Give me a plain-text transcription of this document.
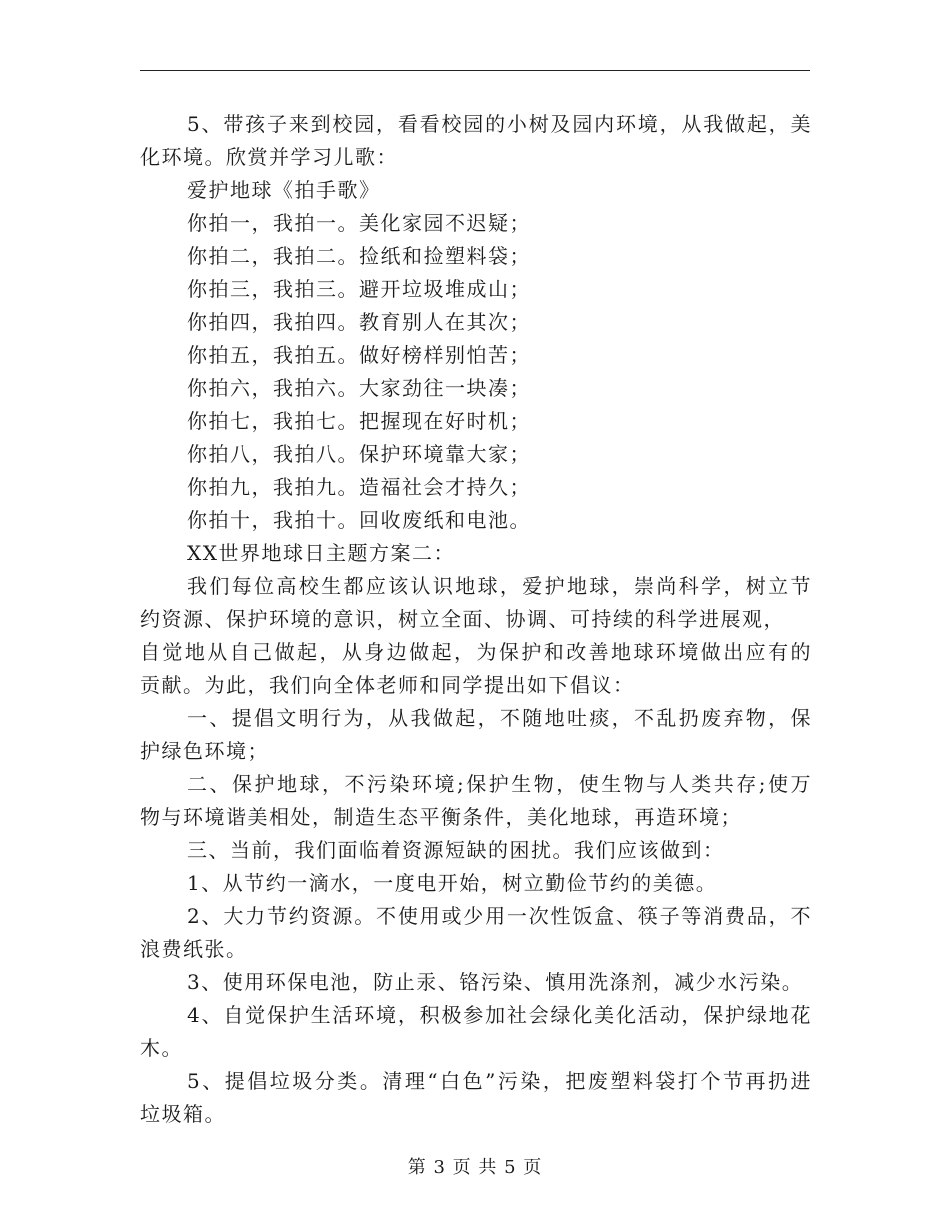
5、带孩子来到校园，看看校园的小树及园内环境，从我做起，美
化环境。欣赏并学习儿歌：
爱护地球《拍手歌》
你拍一，我拍一。美化家园不迟疑；
你拍二，我拍二。捡纸和捡塑料袋；
你拍三，我拍三。避开垃圾堆成山；
你拍四，我拍四。教育别人在其次；
你拍五，我拍五。做好榜样别怕苦；
你拍六，我拍六。大家劲往一块凑；
你拍七，我拍七。把握现在好时机；
你拍八，我拍八。保护环境靠大家；
你拍九，我拍九。造福社会才持久；
你拍十，我拍十。回收废纸和电池。
XX世界地球日主题方案二：
我们每位高校生都应该认识地球，爱护地球，崇尚科学，树立节
约资源、保护环境的意识，树立全面、协调、可持续的科学进展观，
自觉地从自己做起，从身边做起，为保护和改善地球环境做出应有的
贡献。为此，我们向全体老师和同学提出如下倡议：
一、提倡文明行为，从我做起，不随地吐痰，不乱扔废弃物，保
护绿色环境；
二、保护地球，不污染环境;保护生物，使生物与人类共存;使万
物与环境谐美相处，制造生态平衡条件，美化地球，再造环境；
三、当前，我们面临着资源短缺的困扰。我们应该做到：
1、从节约一滴水，一度电开始，树立勤俭节约的美德。
2、大力节约资源。不使用或少用一次性饭盒、筷子等消费品，不
浪费纸张。
3、使用环保电池，防止汞、铬污染、慎用洗涤剂，减少水污染。
4、自觉保护生活环境，积极参加社会绿化美化活动，保护绿地花
木。
5、提倡垃圾分类。清理“白色”污染，把废塑料袋打个节再扔进
垃圾箱。
第 3 页 共 5 页
